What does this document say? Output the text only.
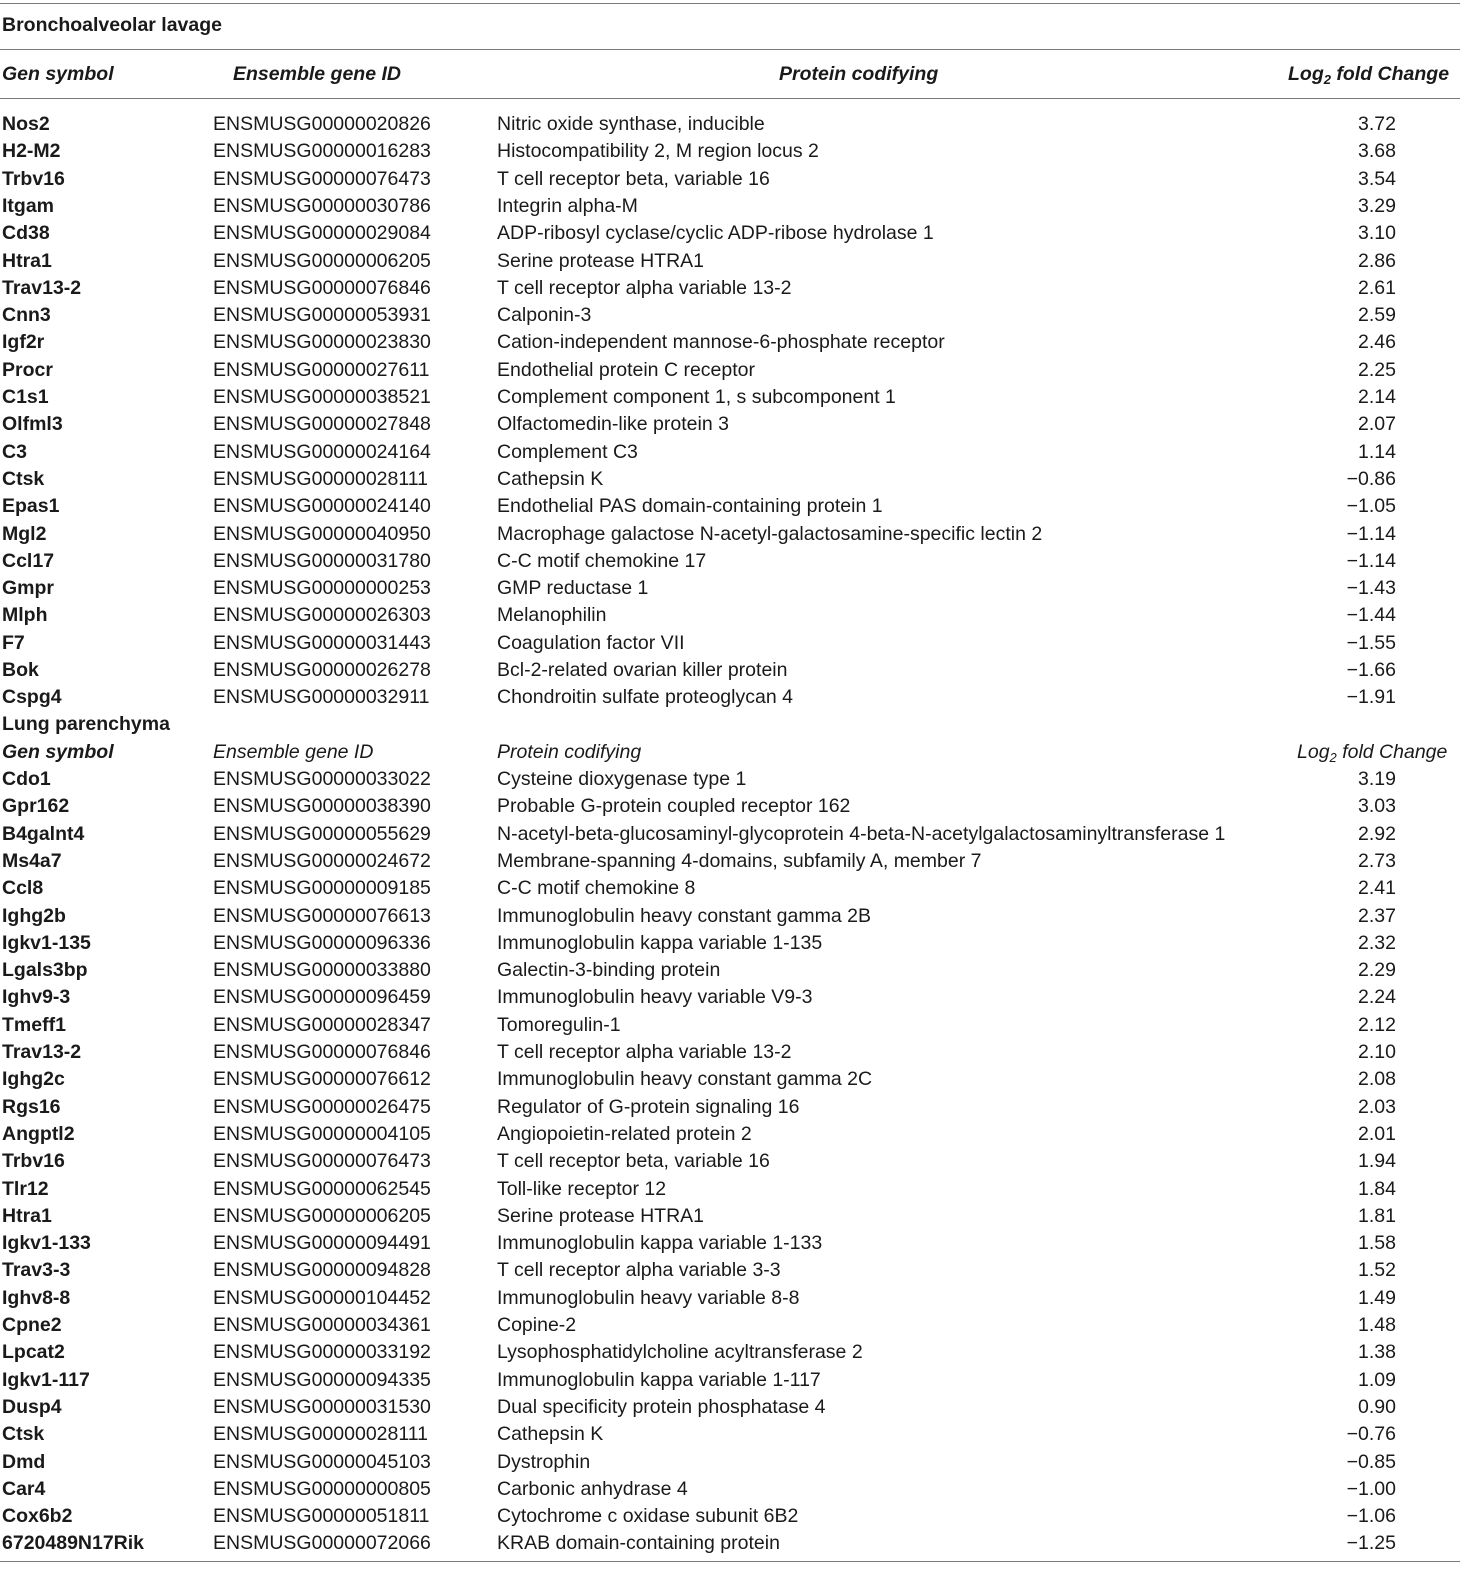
Bronchoalveolar lavage
Gen symbol	Ensemble gene ID	Protein codifying	Log$_2$ fold Change
Nos2	ENSMUSG00000020826	Nitric oxide synthase, inducible	3.72
H2-M2	ENSMUSG00000016283	Histocompatibility 2, M region locus 2	3.68
Trbv16	ENSMUSG00000076473	T cell receptor beta, variable 16	3.54
Itgam	ENSMUSG00000030786	Integrin alpha-M	3.29
Cd38	ENSMUSG00000029084	ADP-ribosyl cyclase/cyclic ADP-ribose hydrolase 1	3.10
Htra1	ENSMUSG00000006205	Serine protease HTRA1	2.86
Trav13-2	ENSMUSG00000076846	T cell receptor alpha variable 13-2	2.61
Cnn3	ENSMUSG00000053931	Calponin-3	2.59
Igf2r	ENSMUSG00000023830	Cation-independent mannose-6-phosphate receptor	2.46
Procr	ENSMUSG00000027611	Endothelial protein C receptor	2.25
C1s1	ENSMUSG00000038521	Complement component 1, s subcomponent 1	2.14
Olfml3	ENSMUSG00000027848	Olfactomedin-like protein 3	2.07
C3	ENSMUSG00000024164	Complement C3	1.14
Ctsk	ENSMUSG00000028111	Cathepsin K	−0.86
Epas1	ENSMUSG00000024140	Endothelial PAS domain-containing protein 1	−1.05
Mgl2	ENSMUSG00000040950	Macrophage galactose N-acetyl-galactosamine-specific lectin 2	−1.14
Ccl17	ENSMUSG00000031780	C-C motif chemokine 17	−1.14
Gmpr	ENSMUSG00000000253	GMP reductase 1	−1.43
Mlph	ENSMUSG00000026303	Melanophilin	−1.44
F7	ENSMUSG00000031443	Coagulation factor VII	−1.55
Bok	ENSMUSG00000026278	Bcl-2-related ovarian killer protein	−1.66
Cspg4	ENSMUSG00000032911	Chondroitin sulfate proteoglycan 4	−1.91
Lung parenchyma
Gen symbol	Ensemble gene ID	Protein codifying	Log$_2$ fold Change
Cdo1	ENSMUSG00000033022	Cysteine dioxygenase type 1	3.19
Gpr162	ENSMUSG00000038390	Probable G-protein coupled receptor 162	3.03
B4galnt4	ENSMUSG00000055629	N-acetyl-beta-glucosaminyl-glycoprotein 4-beta-N-acetylgalactosaminyltransferase 1	2.92
Ms4a7	ENSMUSG00000024672	Membrane-spanning 4-domains, subfamily A, member 7	2.73
Ccl8	ENSMUSG00000009185	C-C motif chemokine 8	2.41
Ighg2b	ENSMUSG00000076613	Immunoglobulin heavy constant gamma 2B	2.37
Igkv1-135	ENSMUSG00000096336	Immunoglobulin kappa variable 1-135	2.32
Lgals3bp	ENSMUSG00000033880	Galectin-3-binding protein	2.29
Ighv9-3	ENSMUSG00000096459	Immunoglobulin heavy variable V9-3	2.24
Tmeff1	ENSMUSG00000028347	Tomoregulin-1	2.12
Trav13-2	ENSMUSG00000076846	T cell receptor alpha variable 13-2	2.10
Ighg2c	ENSMUSG00000076612	Immunoglobulin heavy constant gamma 2C	2.08
Rgs16	ENSMUSG00000026475	Regulator of G-protein signaling 16	2.03
Angptl2	ENSMUSG00000004105	Angiopoietin-related protein 2	2.01
Trbv16	ENSMUSG00000076473	T cell receptor beta, variable 16	1.94
Tlr12	ENSMUSG00000062545	Toll-like receptor 12	1.84
Htra1	ENSMUSG00000006205	Serine protease HTRA1	1.81
Igkv1-133	ENSMUSG00000094491	Immunoglobulin kappa variable 1-133	1.58
Trav3-3	ENSMUSG00000094828	T cell receptor alpha variable 3-3	1.52
Ighv8-8	ENSMUSG00000104452	Immunoglobulin heavy variable 8-8	1.49
Cpne2	ENSMUSG00000034361	Copine-2	1.48
Lpcat2	ENSMUSG00000033192	Lysophosphatidylcholine acyltransferase 2	1.38
Igkv1-117	ENSMUSG00000094335	Immunoglobulin kappa variable 1-117	1.09
Dusp4	ENSMUSG00000031530	Dual specificity protein phosphatase 4	0.90
Ctsk	ENSMUSG00000028111	Cathepsin K	−0.76
Dmd	ENSMUSG00000045103	Dystrophin	−0.85
Car4	ENSMUSG00000000805	Carbonic anhydrase 4	−1.00
Cox6b2	ENSMUSG00000051811	Cytochrome c oxidase subunit 6B2	−1.06
6720489N17Rik	ENSMUSG00000072066	KRAB domain-containing protein	−1.25
